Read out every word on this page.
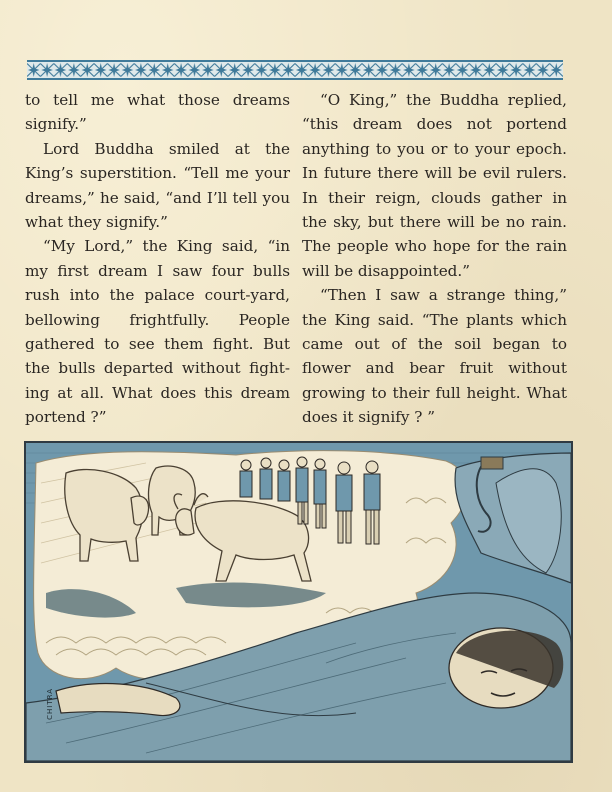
to tell me what those dreams signify.”

Lord Buddha smiled at the King’s superstition. “Tell me your dreams,” he said, “and I’ll tell you what they signify.”

“My Lord,” the King said, “in my first dream I saw four bulls rush into the palace court-yard, bellowing frightfully. People gathered to see them fight. But the bulls departed without fight-ing at all. What does this dream portend ?”

“O King,” the Buddha replied, “this dream does not portend anything to you or to your epoch. In future there will be evil rulers. In their reign, clouds gather in the sky, but there will be no rain. The people who hope for the rain will be disappointed.”

“Then I saw a strange thing,” the King said. “The plants which came out of the soil began to flower and bear fruit without growing to their full height. What does it signify ? ”

CHITRA
